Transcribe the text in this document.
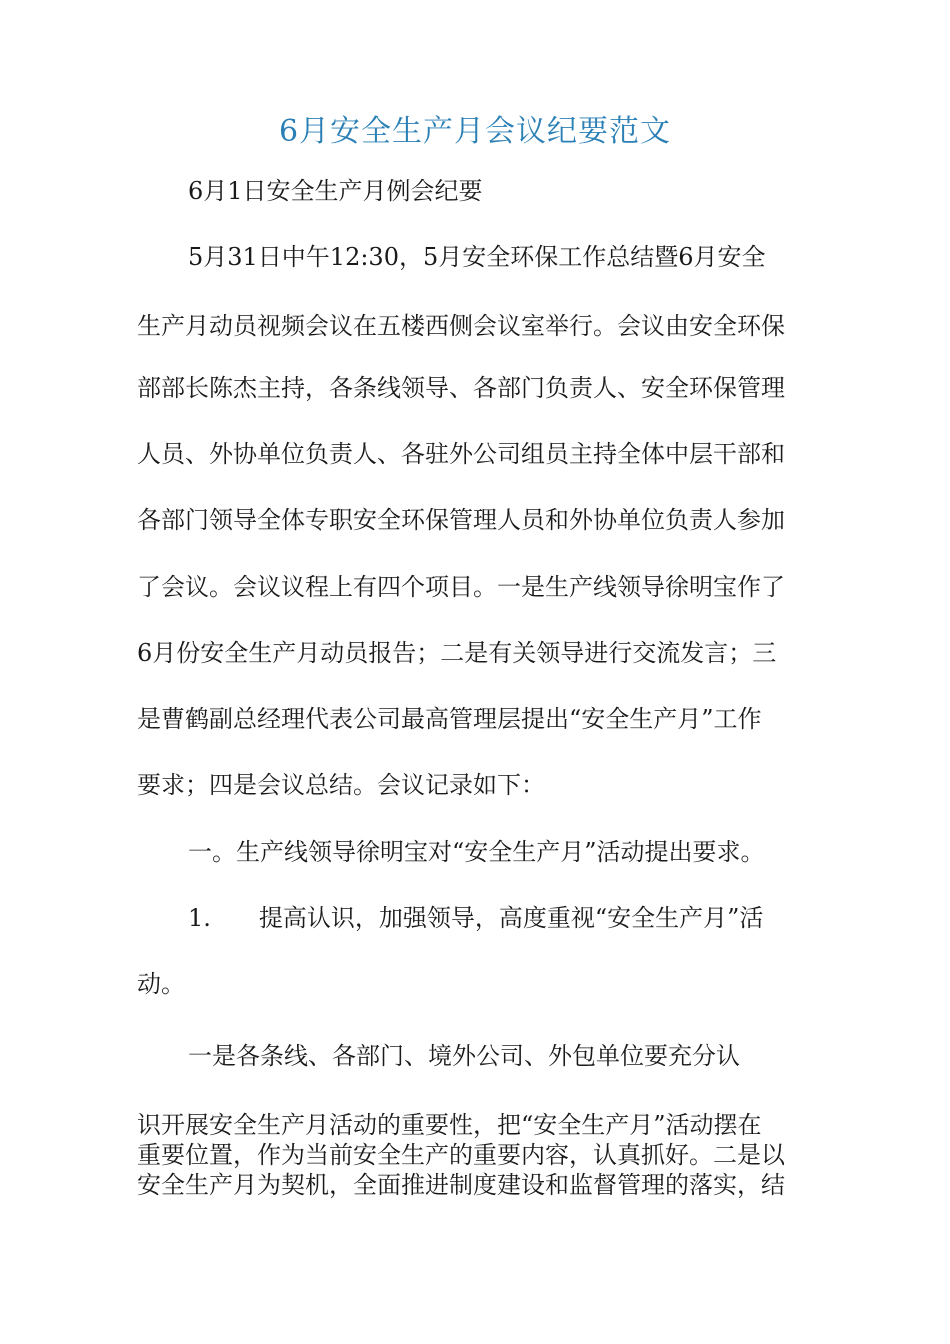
6月安全生产月会议纪要范文
6月1日安全生产月例会纪要
5月31日中午12:30，5月安全环保工作总结暨6月安全
生产月动员视频会议在五楼西侧会议室举行。会议由安全环保
部部长陈杰主持，各条线领导、各部门负责人、安全环保管理
人员、外协单位负责人、各驻外公司组员主持全体中层干部和
各部门领导全体专职安全环保管理人员和外协单位负责人参加
了会议。会议议程上有四个项目。一是生产线领导徐明宝作了
6月份安全生产月动员报告；二是有关领导进行交流发言；三
是曹鹤副总经理代表公司最高管理层提出“安全生产月”工作
要求；四是会议总结。会议记录如下：
一。生产线领导徐明宝对“安全生产月”活动提出要求。
1.　　提高认识，加强领导，高度重视“安全生产月”活
动。
一是各条线、各部门、境外公司、外包单位要充分认
识开展安全生产月活动的重要性，把“安全生产月”活动摆在
重要位置，作为当前安全生产的重要内容，认真抓好。二是以
安全生产月为契机，全面推进制度建设和监督管理的落实，结
